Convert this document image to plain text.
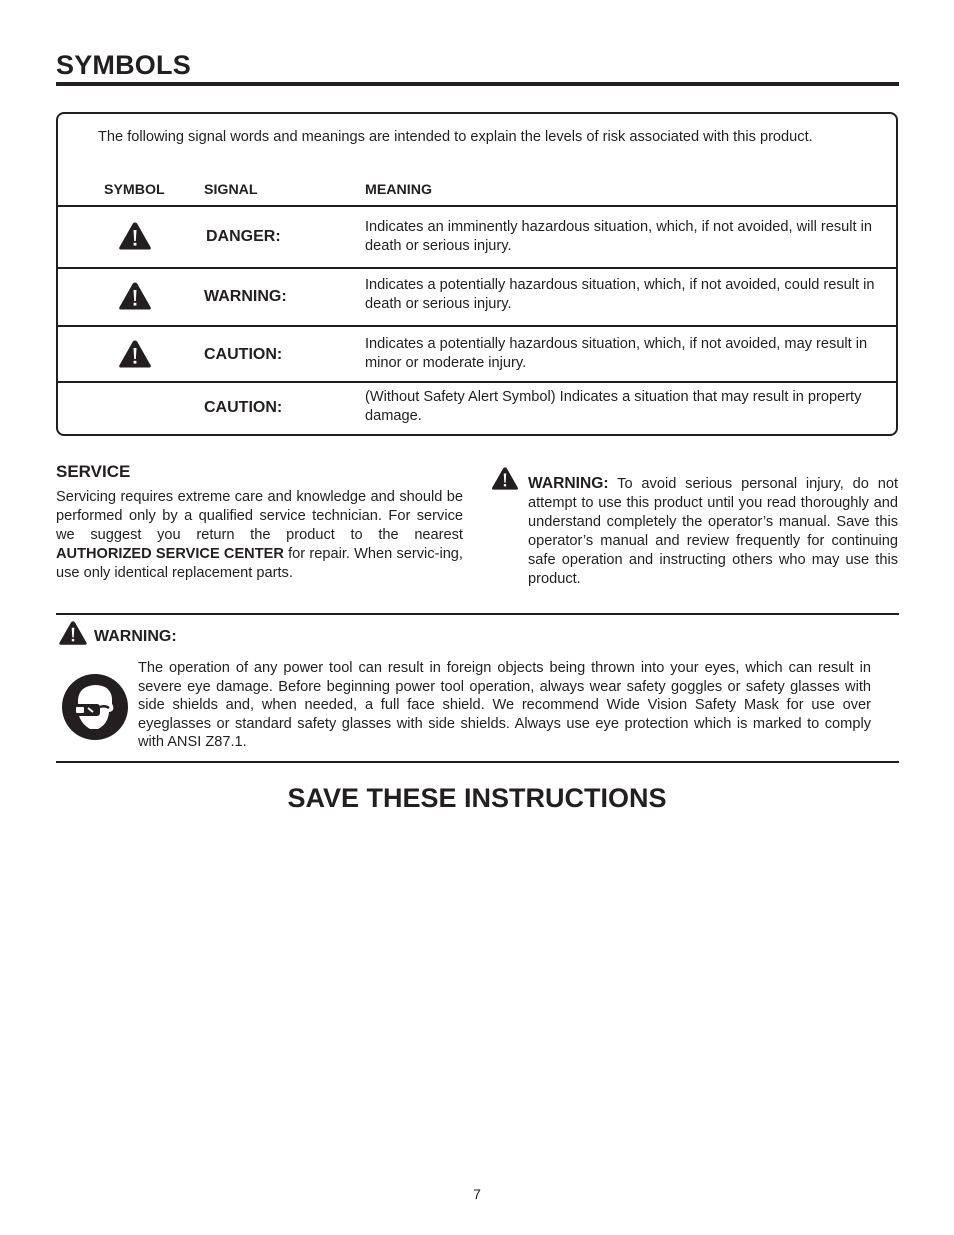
SYMBOLS

The following signal words and meanings are intended to explain the levels of risk associated with this product.

SYMBOL	SIGNAL	MEANING
DANGER:

Indicates an imminently hazardous situation, which, if not avoided, will result in death or serious injury.

WARNING:

Indicates a potentially hazardous situation, which, if not avoided, could result in death or serious injury.

CAUTION:

Indicates a potentially hazardous situation, which, if not avoided, may result in minor or moderate injury.

CAUTION:

(Without Safety Alert Symbol) Indicates a situation that may result in property damage.

SERVICE

Servicing requires extreme care and knowledge and should be performed only by a qualified service technician. For service we suggest you return the product to the nearest AUTHORIZED SERVICE CENTER for repair. When servic-ing, use only identical replacement parts.

WARNING: To avoid serious personal injury, do not attempt to use this product until you read thoroughly and understand completely the operator’s manual. Save this operator’s manual and review frequently for continuing safe operation and instructing others who may use this product.

WARNING:

The operation of any power tool can result in foreign objects being thrown into your eyes, which can result in severe eye damage. Before beginning power tool operation, always wear safety goggles or safety glasses with side shields and, when needed, a full face shield. We recommend Wide Vision Safety Mask for use over eyeglasses or standard safety glasses with side shields. Always use eye protection which is marked to comply with ANSI Z87.1.

SAVE THESE INSTRUCTIONS
7
